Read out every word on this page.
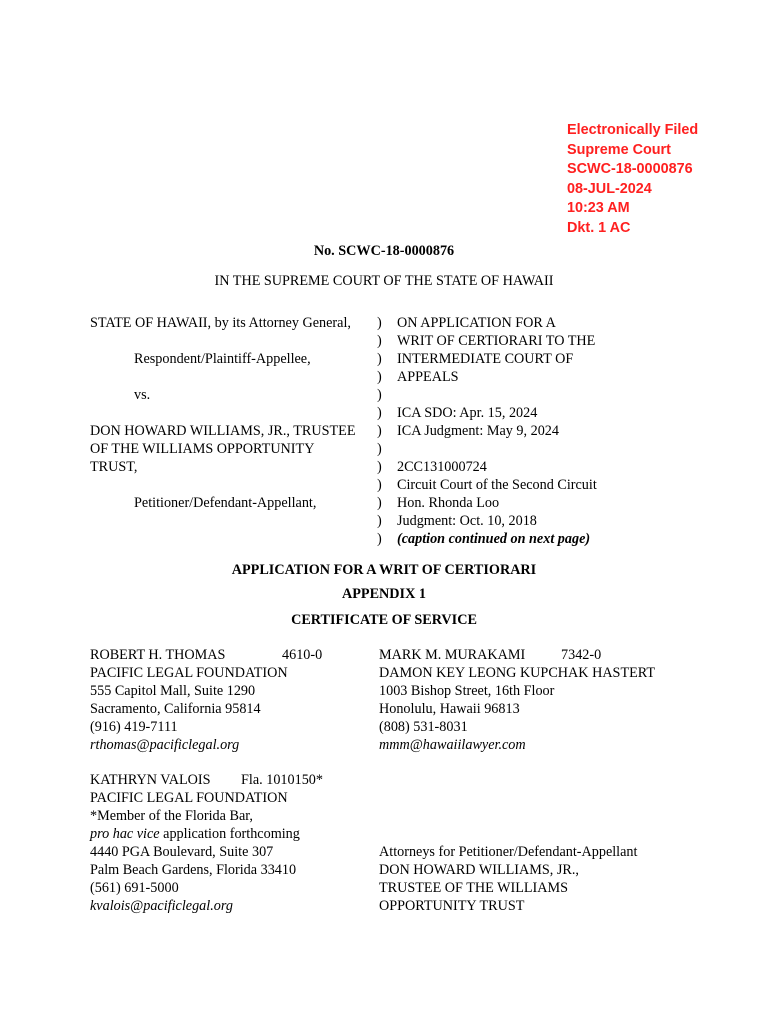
Electronically Filed
Supreme Court
SCWC-18-0000876
08-JUL-2024
10:23 AM
Dkt. 1 AC
No. SCWC-18-0000876
IN THE SUPREME COURT OF THE STATE OF HAWAII
STATE OF HAWAII, by its Attorney General,
Respondent/Plaintiff-Appellee,
vs.
DON HOWARD WILLIAMS, JR., TRUSTEE
OF THE WILLIAMS OPPORTUNITY
TRUST,
Petitioner/Defendant-Appellant,
)
)
)
)
)
)
)
)
)
)
)
)
)
ON APPLICATION FOR A
WRIT OF CERTIORARI TO THE
INTERMEDIATE COURT OF
APPEALS
ICA SDO: Apr. 15, 2024
ICA Judgment: May 9, 2024
2CC131000724
Circuit Court of the Second Circuit
Hon. Rhonda Loo
Judgment: Oct. 10, 2018
(caption continued on next page)
APPLICATION FOR A WRIT OF CERTIORARI
APPENDIX 1
CERTIFICATE OF SERVICE
ROBERT H. THOMAS	4610-0
PACIFIC LEGAL FOUNDATION
555 Capitol Mall, Suite 1290
Sacramento, California 95814
(916) 419-7111
rthomas@pacificlegal.org
MARK M. MURAKAMI	7342-0
DAMON KEY LEONG KUPCHAK HASTERT
1003 Bishop Street, 16th Floor
Honolulu, Hawaii 96813
(808) 531-8031
mmm@hawaiilawyer.com
KATHRYN VALOIS Fla. 1010150*
PACIFIC LEGAL FOUNDATION
*Member of the Florida Bar,
pro hac vice application forthcoming
4440 PGA Boulevard, Suite 307
Palm Beach Gardens, Florida 33410
(561) 691-5000
kvalois@pacificlegal.org
Attorneys for Petitioner/Defendant-Appellant
DON HOWARD WILLIAMS, JR.,
TRUSTEE OF THE WILLIAMS
OPPORTUNITY TRUST
